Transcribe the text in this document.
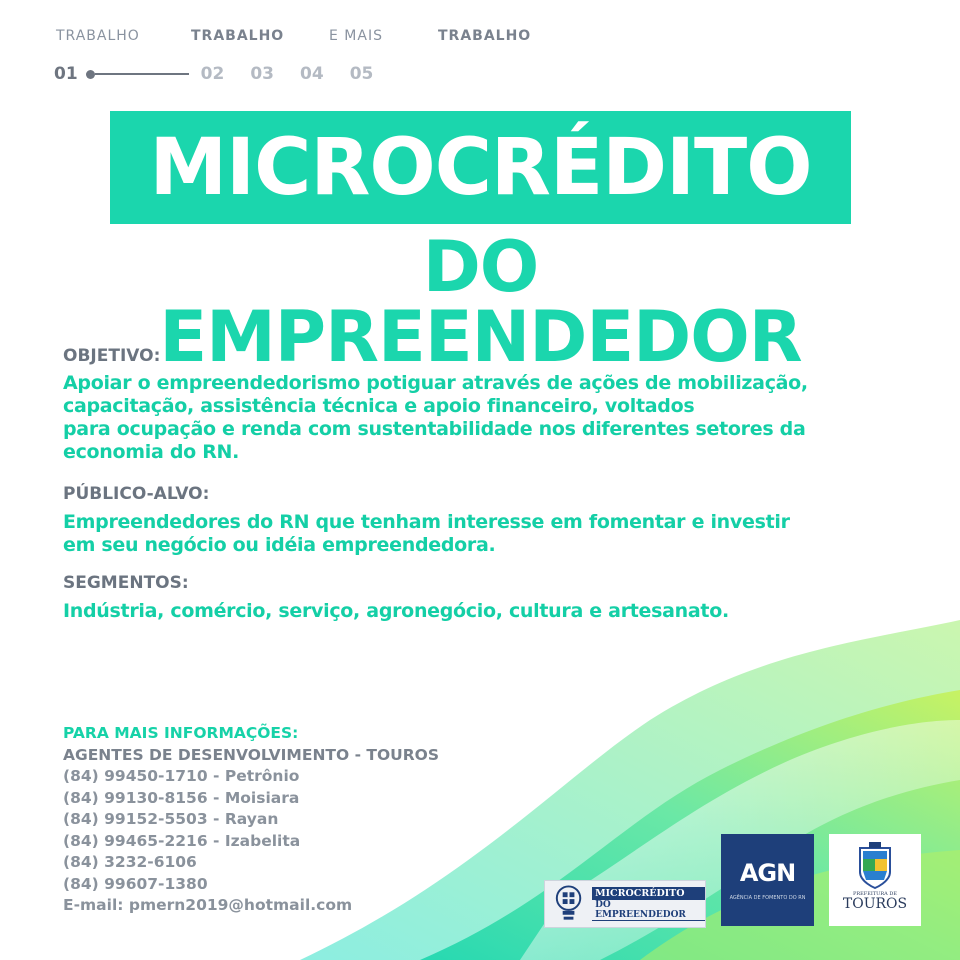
TRABALHO	TRABALHO	E MAIS	TRABALHO
01	02 03 04 05
MICROCRÉDITO
DO EMPREENDEDOR
OBJETIVO:
Apoiar o empreendedorismo potiguar através de ações de mobilização,
capacitação, assistência técnica e apoio financeiro, voltados
para ocupação e renda com sustentabilidade nos diferentes setores da
economia do RN.
PÚBLICO-ALVO:
Empreendedores do RN que tenham interesse em fomentar e investir
em seu negócio ou idéia empreendedora.
SEGMENTOS:
Indústria, comércio, serviço, agronegócio, cultura e artesanato.
PARA MAIS INFORMAÇÕES:
AGENTES DE DESENVOLVIMENTO - TOUROS
(84) 99450-1710 - Petrônio
(84) 99130-8156 - Moisiara
(84) 99152-5503 - Rayan
(84) 99465-2216 - Izabelita
(84) 3232-6106
(84) 99607-1380
E-mail: pmern2019@hotmail.com
MICROCRÉDITO
DO EMPREENDEDOR
AGN
AGÊNCIA DE FOMENTO DO RN
PREFEITURA DE
TOUROS
